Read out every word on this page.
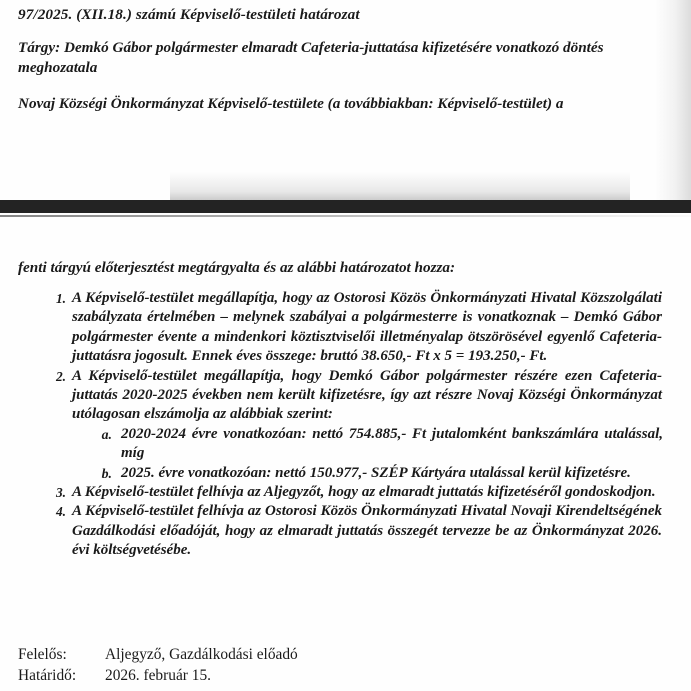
97/2025. (XII.18.) számú Képviselő-testületi határozat
Tárgy: Demkó Gábor polgármester elmaradt Cafeteria-juttatása kifizetésére vonatkozó döntés meghozatala
Novaj Községi Önkormányzat Képviselő-testülete (a továbbiakban: Képviselő-testület) a
fenti tárgyú előterjesztést megtárgyalta és az alábbi határozatot hozza:
1. A Képviselő-testület megállapítja, hogy az Ostorosi Közös Önkormányzati Hivatal Közszolgálati szabályzata értelmében – melynek szabályai a polgármesterre is vonatkoznak – Demkó Gábor polgármester évente a mindenkori köztisztviselői illetményalap ötszörösével egyenlő Cafeteria-juttatásra jogosult. Ennek éves összege: bruttó 38.650,- Ft x 5 = 193.250,- Ft.
2. A Képviselő-testület megállapítja, hogy Demkó Gábor polgármester részére ezen Cafeteria-juttatás 2020-2025 években nem került kifizetésre, így azt részre Novaj Községi Önkormányzat utólagosan elszámolja az alábbiak szerint:
a. 2020-2024 évre vonatkozóan: nettó 754.885,- Ft jutalomként bankszámlára utalással, míg
b. 2025. évre vonatkozóan: nettó 150.977,- SZÉP Kártyára utalással kerül kifizetésre.
3. A Képviselő-testület felhívja az Aljegyzőt, hogy az elmaradt juttatás kifizetéséről gondoskodjon.
4. A Képviselő-testület felhívja az Ostorosi Közös Önkormányzati Hivatal Novaji Kirendeltségének Gazdálkodási előadóját, hogy az elmaradt juttatás összegét tervezze be az Önkormányzat 2026. évi költségvetésébe.
Felelős:	Aljegyző, Gazdálkodási előadó
Határidő:	2026. február 15.
